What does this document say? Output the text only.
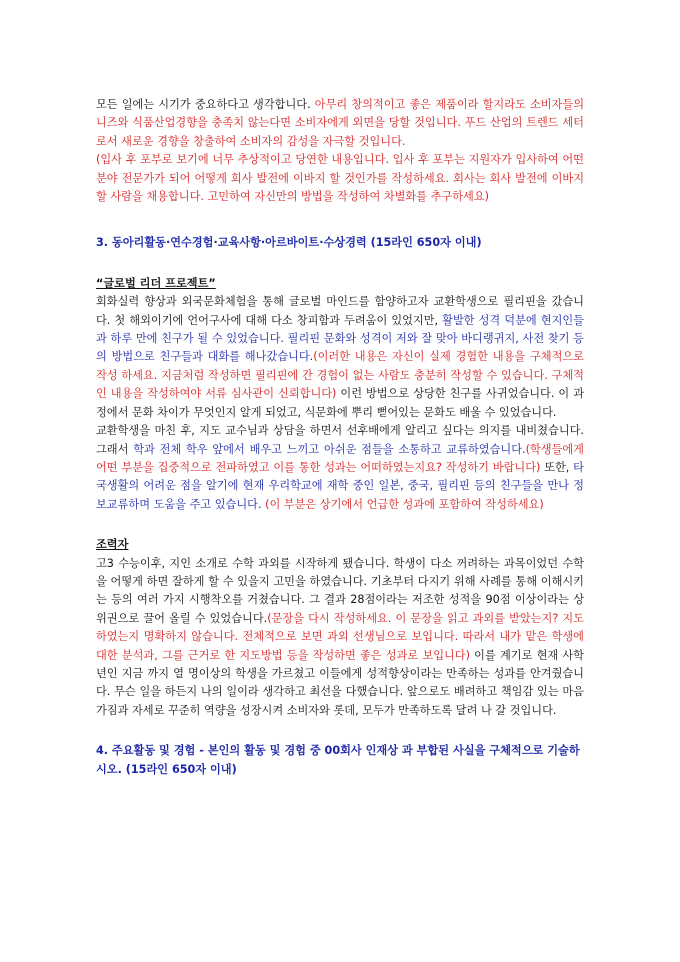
모든 일에는 시기가 중요하다고 생각합니다. 아무리 창의적이고 좋은 제품이라 할지라도 소비자들의 니즈와 식품산업경향을 충족치 않는다면 소비자에게 외면을 당할 것입니다. 푸드 산업의 트렌드 세터로서 새로운 경향을 창출하여 소비자의 감성을 자극할 것입니다.

(입사 후 포부로 보기에 너무 추상적이고 당연한 내용입니다. 입사 후 포부는 지원자가 입사하여 어떤 분야 전문가가 되어 어떻게 회사 발전에 이바지 할 것인가를 작성하세요. 회사는 회사 발전에 이바지할 사람을 채용합니다. 고민하여 자신만의 방법을 작성하여 차별화를 추구하세요)

3. 동아리활동·연수경험·교육사항·아르바이트·수상경력 (15라인 650자 이내)

“글로벌 리더 프로젝트”

회화실력 향상과 외국문화체험을 통해 글로벌 마인드를 함양하고자 교환학생으로 필리핀을 갔습니다. 첫 해외이기에 언어구사에 대해 다소 창피함과 두려움이 있었지만, 활발한 성격 덕분에 현지인들과 하루 만에 친구가 될 수 있었습니다. 필리핀 문화와 성격이 저와 잘 맞아 바디랭귀지, 사전 찾기 등의 방법으로 친구들과 대화를 해나갔습니다.(이러한 내용은 자신이 실제 경험한 내용을 구체적으로 작성 하세요. 지금처럼 작성하면 필리핀에 간 경험이 없는 사람도 충분히 작성할 수 있습니다. 구체적인 내용을 작성하여야 서류 심사관이 신뢰합니다) 이런 방법으로 상당한 친구를 사귀었습니다. 이 과정에서 문화 차이가 무엇인지 알게 되었고, 식문화에 뿌리 뻗어있는 문화도 배울 수 있었습니다.

교환학생을 마친 후, 지도 교수님과 상담을 하면서 선후배에게 알리고 싶다는 의지를 내비쳤습니다. 그래서 학과 전체 학우 앞에서 배우고 느끼고 아쉬운 점들을 소통하고 교류하였습니다.(학생들에게 어떤 부분을 집중적으로 전파하였고 이를 통한 성과는 어떠하였는지요? 작성하기 바랍니다) 또한, 타국생활의 어려운 점을 알기에 현재 우리학교에 재학 중인 일본, 중국, 필리핀 등의 친구들을 만나 정보교류하며 도움을 주고 있습니다. (이 부분은 상기에서 언급한 성과에 포함하여 작성하세요)

조력자

고3 수능이후, 지인 소개로 수학 과외를 시작하게 됐습니다. 학생이 다소 꺼려하는 과목이었던 수학을 어떻게 하면 잘하게 할 수 있을지 고민을 하였습니다. 기초부터 다지기 위해 사례를 통해 이해시키는 등의 여러 가지 시행착오를 거쳤습니다. 그 결과 28점이라는 저조한 성적을 90점 이상이라는 상위권으로 끌어 올릴 수 있었습니다.(문장을 다시 작성하세요. 이 문장을 읽고 과외를 받았는지? 지도하였는지 명확하지 않습니다. 전체적으로 보면 과외 선생님으로 보입니다. 따라서 내가 맡은 학생에 대한 분석과, 그를 근거로 한 지도방법 등을 작성하면 좋은 성과로 보입니다) 이를 계기로 현재 사학년인 지금 까지 열 명이상의 학생을 가르쳤고 이들에게 성적향상이라는 만족하는 성과를 안겨줬습니다. 무슨 일을 하든지 나의 일이라 생각하고 최선을 다했습니다. 앞으로도 배려하고 책임감 있는 마음가짐과 자세로 꾸준히 역량을 성장시켜 소비자와 롯데, 모두가 만족하도록 달려 나 갈 것입니다.

4. 주요활동 및 경험 - 본인의 활동 및 경험 중 00회사 인재상 과 부합된 사실을 구체적으로 기술하시오. (15라인 650자 이내)
